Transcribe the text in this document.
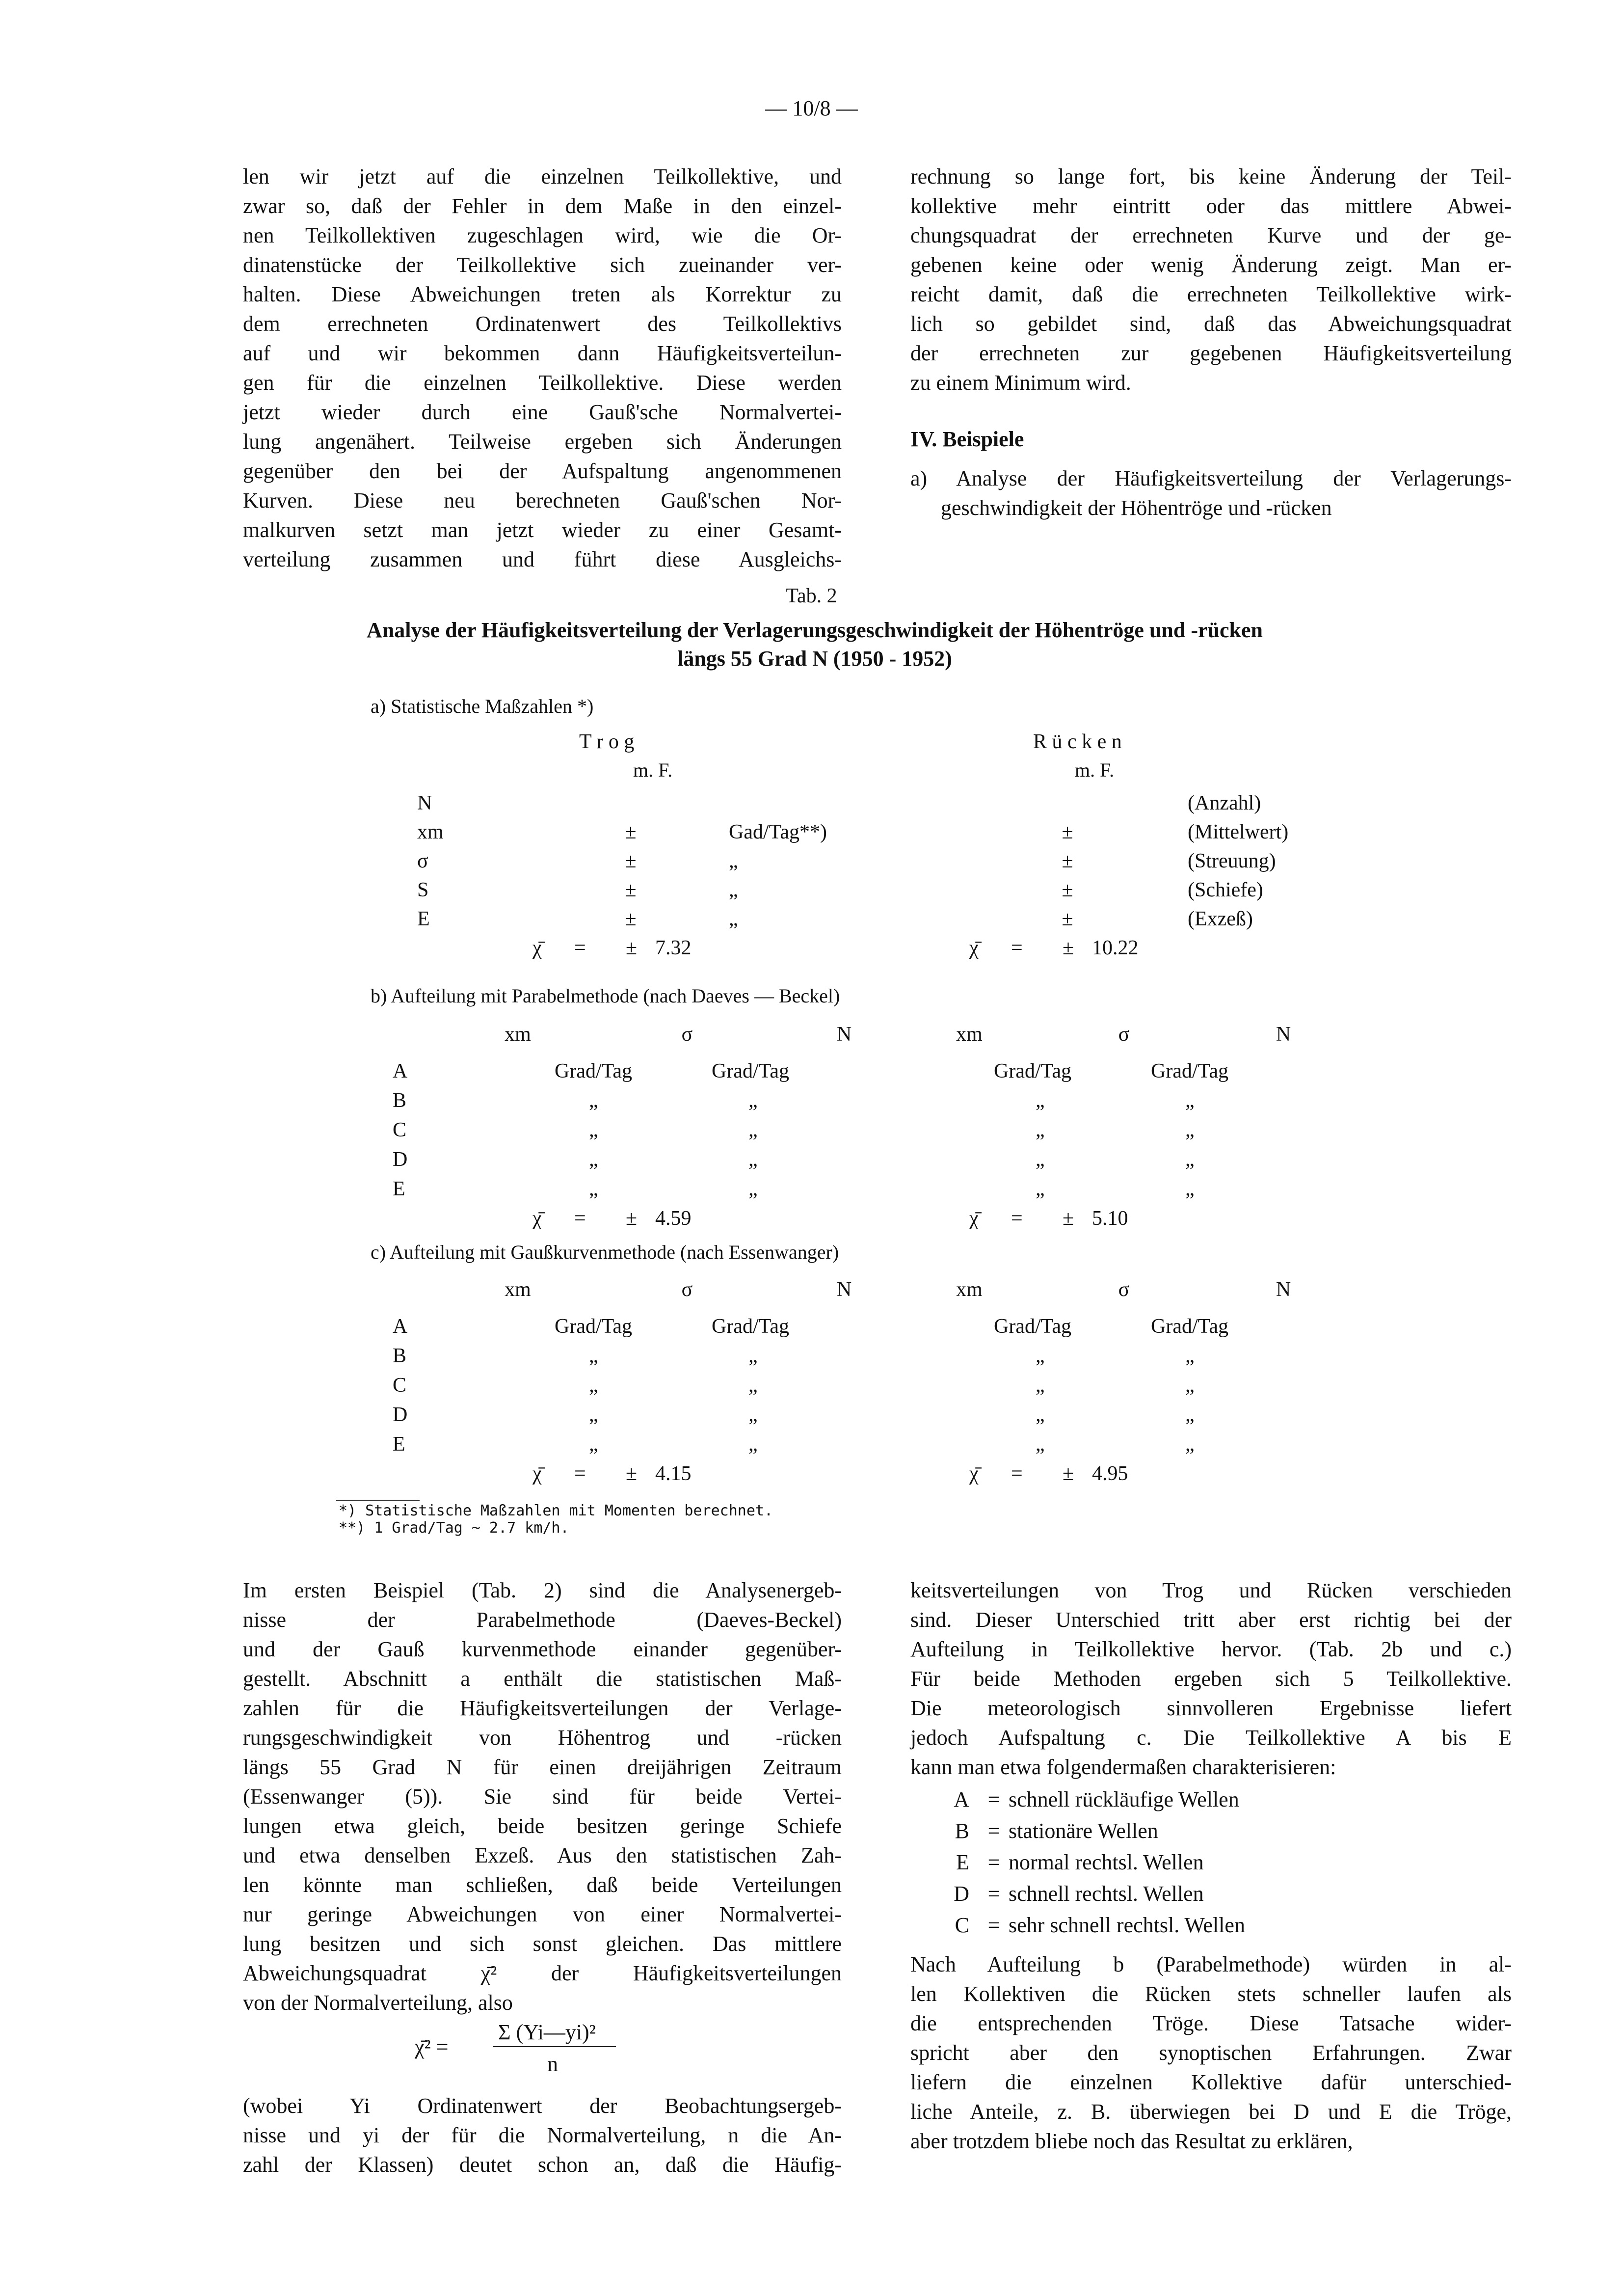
— 10/8 —

len wir jetzt auf die einzelnen Teilkollektive, und

zwar so, daß der Fehler in dem Maße in den einzel-

nen Teilkollektiven zugeschlagen wird, wie die Or-

dinatenstücke der Teilkollektive sich zueinander ver-

halten. Diese Abweichungen treten als Korrektur zu

dem errechneten Ordinatenwert des Teilkollektivs

auf und wir bekommen dann Häufigkeitsverteilun-

gen für die einzelnen Teilkollektive. Diese werden

jetzt wieder durch eine Gauß'sche Normalvertei-

lung angenähert. Teilweise ergeben sich Änderungen

gegenüber den bei der Aufspaltung angenommenen

Kurven. Diese neu berechneten Gauß'schen Nor-

malkurven setzt man jetzt wieder zu einer Gesamt-

verteilung zusammen und führt diese Ausgleichs-

rechnung so lange fort, bis keine Änderung der Teil-

kollektive mehr eintritt oder das mittlere Abwei-

chungsquadrat der errechneten Kurve und der ge-

gebenen keine oder wenig Änderung zeigt. Man er-

reicht damit, daß die errechneten Teilkollektive wirk-

lich so gebildet sind, daß das Abweichungsquadrat

der errechneten zur gegebenen Häufigkeitsverteilung

zu einem Minimum wird.

IV. Beispiele
a) Analyse der Häufigkeitsverteilung der Verlagerungs- geschwindigkeit der Höhentröge und -rücken
Tab. 2
Analyse der Häufigkeitsverteilung der Verlagerungsgeschwindigkeit der Höhentröge und -rücken
längs 55 Grad N (1950 - 1952)
a) Statistische Maßzahlen *)
T r o g	R ü c k e n
m. F.	m. F.
N	(Anzahl)
xm	±	Gad/Tag**)	±	(Mittelwert)
σ	±	„	±	(Streuung)
S	±	„	±	(Schiefe)
E	±	„	±	(Exzeß)
χ̄ = ± 7.32	χ̄ = ± 10.22
b) Aufteilung mit Parabelmethode (nach Daeves — Beckel)
xm	σ	N	xm	σ	N
A	Grad/Tag	Grad/Tag	Grad/Tag	Grad/Tag
B	„	„	„	„
C	„	„	„	„
D	„	„	„	„
E	„	„	„	„
χ̄ = ± 4.59	χ̄ = ± 5.10
c) Aufteilung mit Gaußkurvenmethode (nach Essenwanger)
xm	σ	N	xm	σ	N
A	Grad/Tag	Grad/Tag	Grad/Tag	Grad/Tag
B	„	„	„	„
C	„	„	„	„
D	„	„	„	„
E	„	„	„	„
χ̄ = ± 4.15	χ̄ = ± 4.95
*) Statistische Maßzahlen mit Momenten berechnet.
**) 1 Grad/Tag ~ 2.7 km/h.

Im ersten Beispiel (Tab. 2) sind die Analysenergeb-

nisse der Parabelmethode (Daeves-Beckel)

und der Gauß kurvenmethode einander gegenüber-

gestellt. Abschnitt a enthält die statistischen Maß-

zahlen für die Häufigkeitsverteilungen der Verlage-

rungsgeschwindigkeit von Höhentrog und -rücken

längs 55 Grad N für einen dreijährigen Zeitraum

(Essenwanger (5)). Sie sind für beide Vertei-

lungen etwa gleich, beide besitzen geringe Schiefe

und etwa denselben Exzeß. Aus den statistischen Zah-

len könnte man schließen, daß beide Verteilungen

nur geringe Abweichungen von einer Normalvertei-

lung besitzen und sich sonst gleichen. Das mittlere

Abweichungsquadrat χ̄² der Häufigkeitsverteilungen

von der Normalverteilung, also

χ̄² =
Σ (Yi—yi)²
n

(wobei Yi Ordinatenwert der Beobachtungsergeb-

nisse und yi der für die Normalverteilung, n die An-

zahl der Klassen) deutet schon an, daß die Häufig-

keitsverteilungen von Trog und Rücken verschieden

sind. Dieser Unterschied tritt aber erst richtig bei der

Aufteilung in Teilkollektive hervor. (Tab. 2b und c.)

Für beide Methoden ergeben sich 5 Teilkollektive.

Die meteorologisch sinnvolleren Ergebnisse liefert

jedoch Aufspaltung c. Die Teilkollektive A bis E

kann man etwa folgendermaßen charakterisieren:

A = schnell rückläufige Wellen
B = stationäre Wellen
E = normal rechtsl. Wellen
D = schnell rechtsl. Wellen
C = sehr schnell rechtsl. Wellen

Nach Aufteilung b (Parabelmethode) würden in al-

len Kollektiven die Rücken stets schneller laufen als

die entsprechenden Tröge. Diese Tatsache wider-

spricht aber den synoptischen Erfahrungen. Zwar

liefern die einzelnen Kollektive dafür unterschied-

liche Anteile, z. B. überwiegen bei D und E die Tröge,

aber trotzdem bliebe noch das Resultat zu erklären,
